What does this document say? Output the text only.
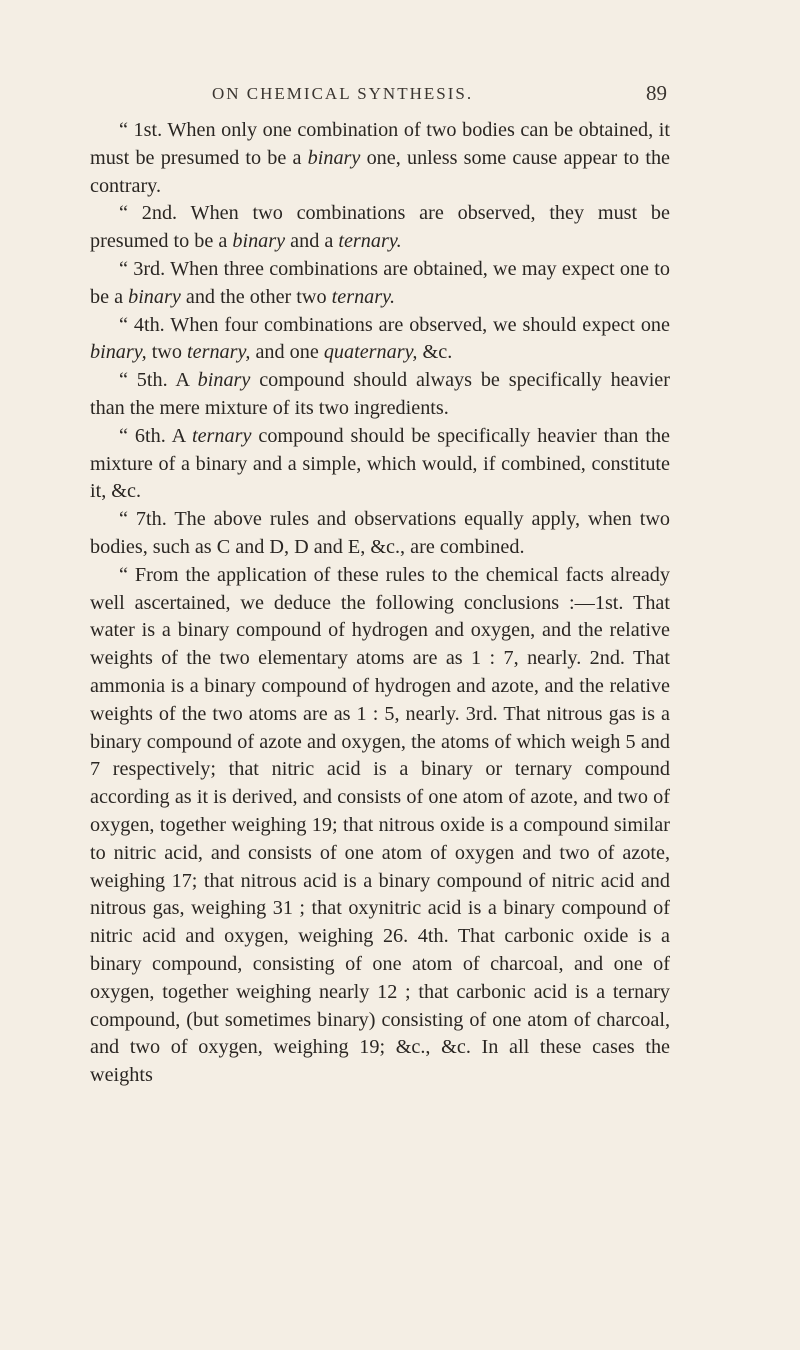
ON CHEMICAL SYNTHESIS.	89

“ 1st. When only one combination of two bodies can be obtained, it must be presumed to be a binary one, unless some cause appear to the contrary.

“ 2nd. When two combinations are observed, they must be presumed to be a binary and a ternary.

“ 3rd. When three combinations are obtained, we may expect one to be a binary and the other two ternary.

“ 4th. When four combinations are observed, we should expect one binary, two ternary, and one quaternary, &c.

“ 5th. A binary compound should always be specifically heavier than the mere mixture of its two ingredients.

“ 6th. A ternary compound should be specifically heavier than the mixture of a binary and a simple, which would, if combined, constitute it, &c.

“ 7th. The above rules and observations equally apply, when two bodies, such as C and D, D and E, &c., are combined.

“ From the application of these rules to the chemical facts already well ascertained, we deduce the following conclusions :—1st. That water is a binary compound of hydrogen and oxygen, and the relative weights of the two elementary atoms are as 1 : 7, nearly. 2nd. That ammonia is a binary compound of hydrogen and azote, and the relative weights of the two atoms are as 1 : 5, nearly. 3rd. That nitrous gas is a binary compound of azote and oxygen, the atoms of which weigh 5 and 7 respectively; that nitric acid is a binary or ternary compound according as it is derived, and consists of one atom of azote, and two of oxygen, together weighing 19; that nitrous oxide is a compound similar to nitric acid, and consists of one atom of oxygen and two of azote, weighing 17; that nitrous acid is a binary compound of nitric acid and nitrous gas, weighing 31 ; that oxynitric acid is a binary compound of nitric acid and oxygen, weighing 26. 4th. That carbonic oxide is a binary compound, consisting of one atom of charcoal, and one of oxygen, together weighing nearly 12 ; that carbonic acid is a ternary compound, (but sometimes binary) consisting of one atom of charcoal, and two of oxygen, weighing 19; &c., &c. In all these cases the weights
